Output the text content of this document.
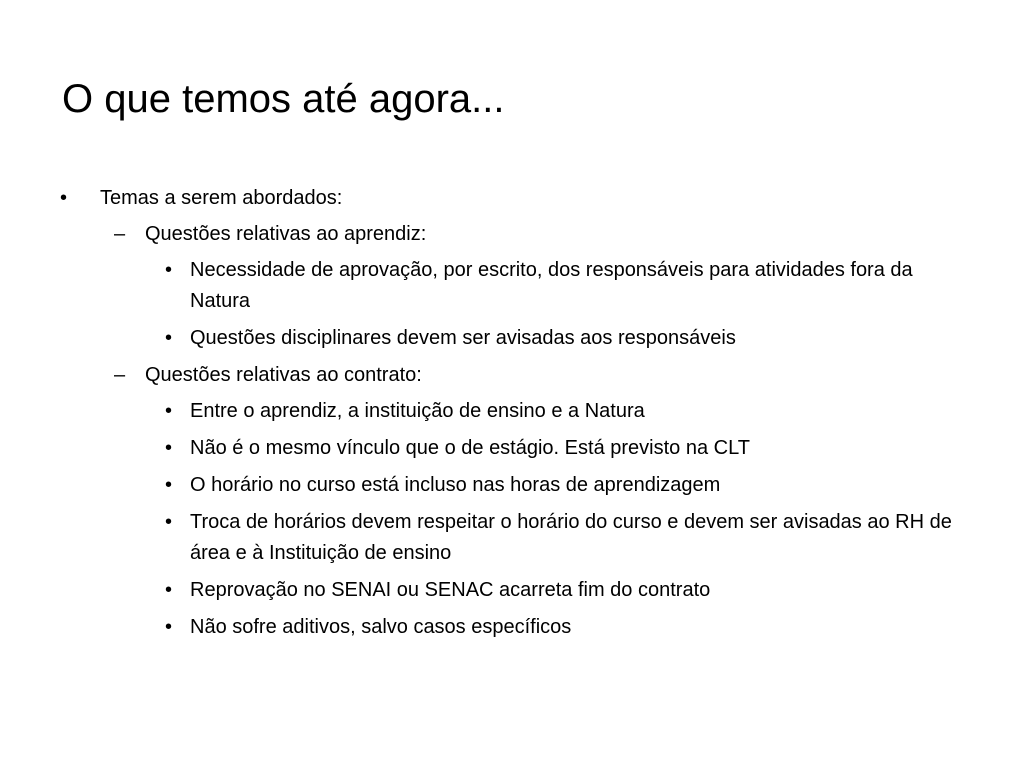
O que temos até agora...
• Temas a serem abordados:
– Questões relativas ao aprendiz:
• Necessidade de aprovação, por escrito, dos responsáveis para atividades fora da Natura
• Questões disciplinares devem ser avisadas aos responsáveis
– Questões relativas ao contrato:
• Entre o aprendiz, a instituição de ensino e a Natura
• Não é o mesmo vínculo que o de estágio. Está previsto na CLT
• O horário no curso está incluso nas horas de aprendizagem
• Troca de horários devem respeitar o horário do curso e devem ser avisadas ao RH de área e à Instituição de ensino
• Reprovação no SENAI ou SENAC acarreta fim do contrato
• Não sofre aditivos, salvo casos específicos
